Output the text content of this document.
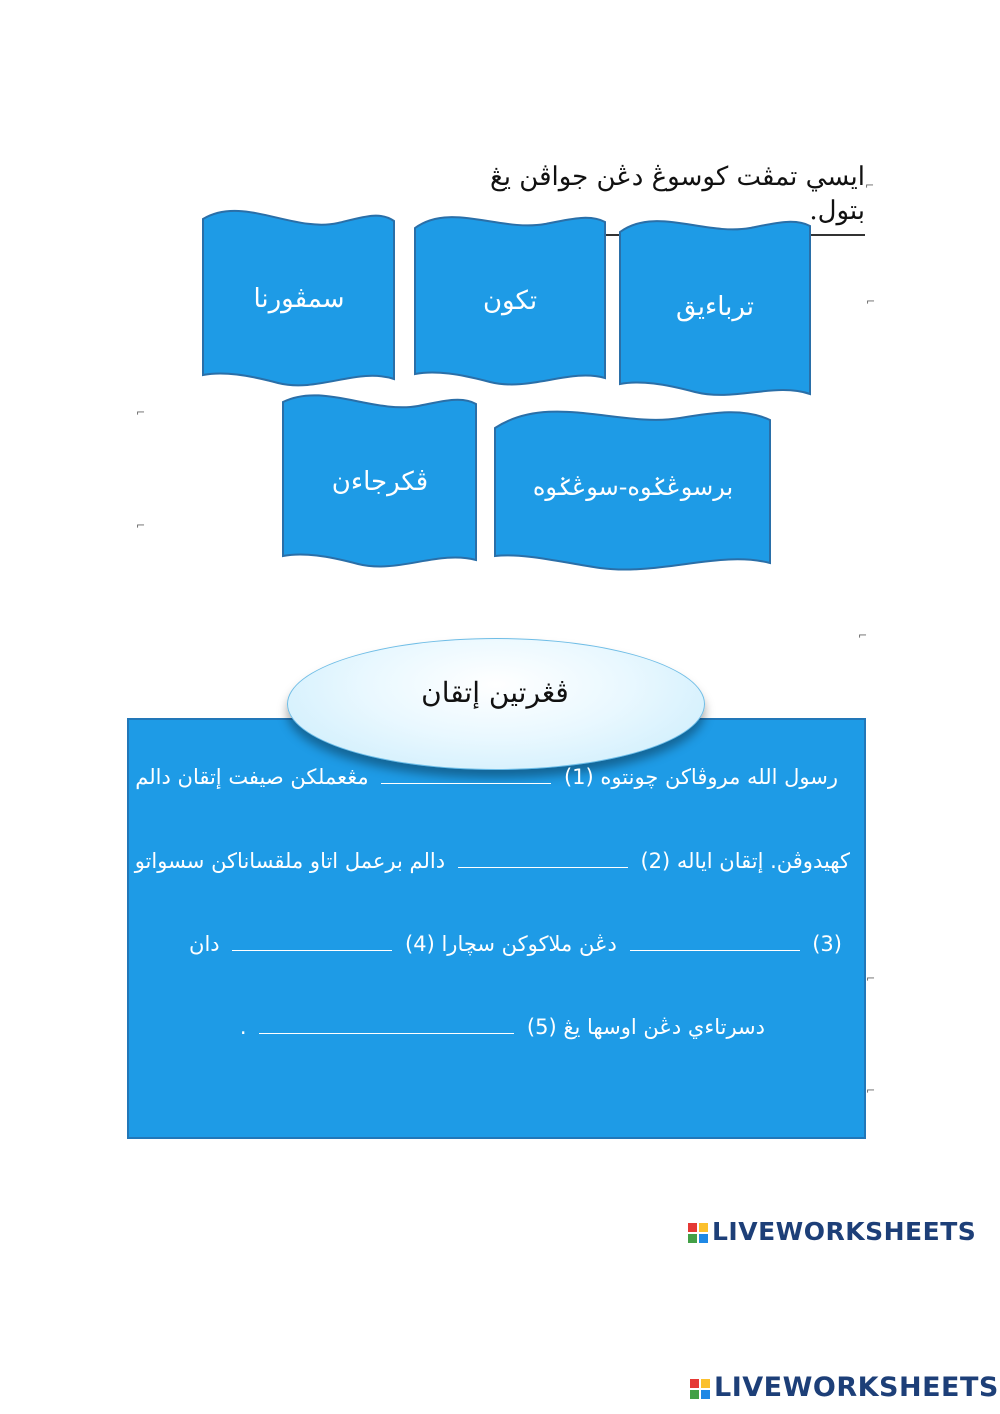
ايسي تمڤت كوسوڠ دڠن جواڤن يڠ بتول.
⌐
⌐
⌐
⌐
⌐
⌐
⌐
سمڤورنا	تكون	ترباءيق
ڤكرجاءن	برسوڠݢوه-سوڠݢوه
ڤڠرتين إتقان
رسول الله مروڤاكن چونتوه (1)  مڠعملكن صيفت إتقان دالم
كهيدوڤن. إتقان اياله (2)  دالم برعمل اتاو ملقساناكن سسواتو
(3)  دڠن ملاكوكن سچارا (4)  دان
دسرتاءي دڠن اوسها يڠ (5)  .
LIVEWORKSHEETS
LIVEWORKSHEETS
